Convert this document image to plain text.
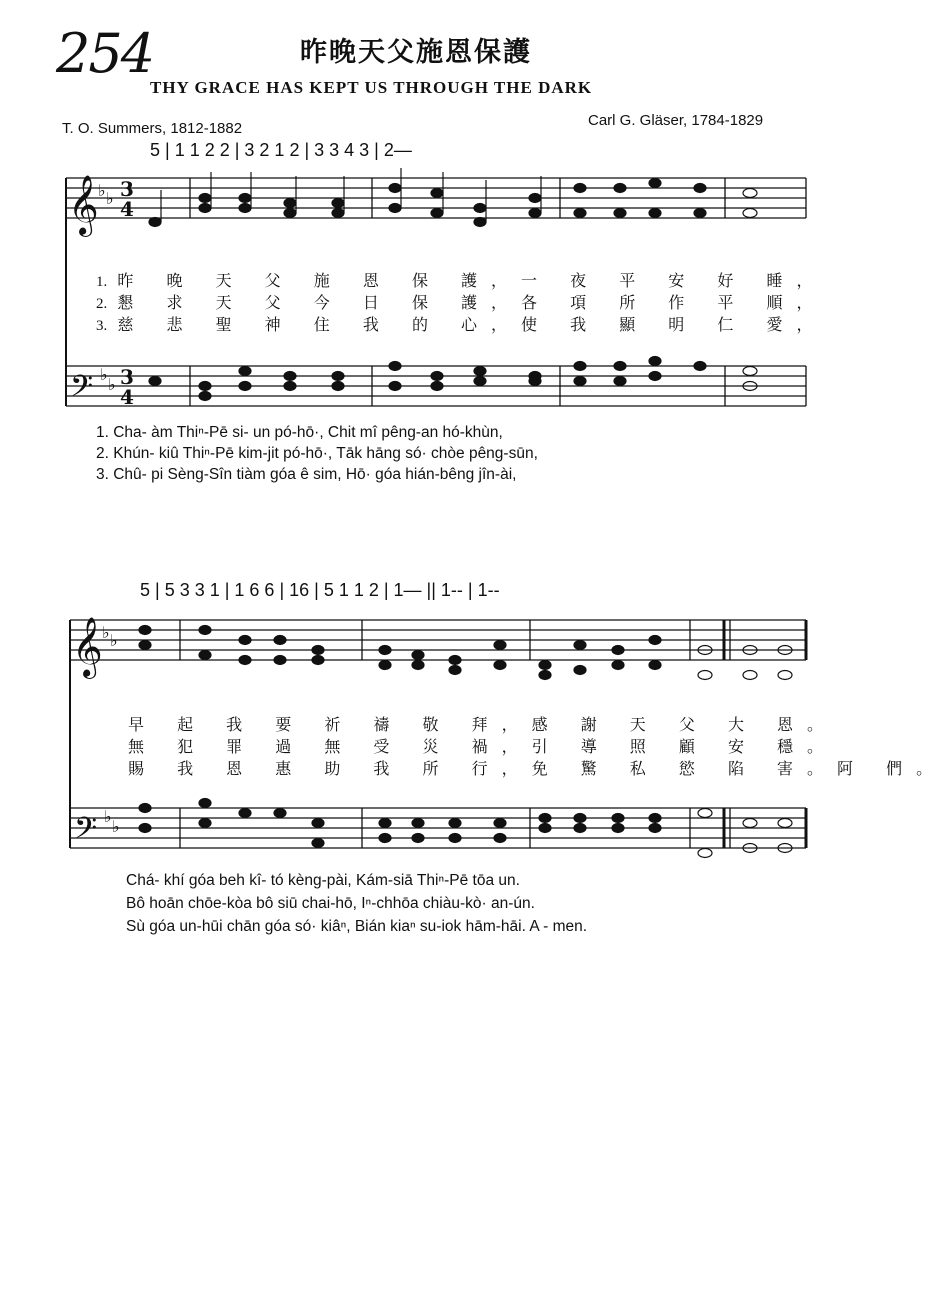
254	昨晚天父施恩保護
THY GRACE HAS KEPT US THROUGH THE DARK
T. O. Summers, 1812-1882	Carl G. Gläser, 1784-1829
5 | 1 1 2 2 | 3 2 1 2 | 3 3 4 3 | 2—
𝄞
𝄢
♭ ♭
♭
♭
3
4
3
4
𝄞
𝄢
♭ ♭
♭
♭
1. 昨 晚 天 父 施 恩 保 護，一 夜 平 安 好 睡，
2. 懇 求 天 父 今 日 保 護，各 項 所 作 平 順，
3. 慈 悲 聖 神 住 我 的 心，使 我 顯 明 仁 愛，
1. Cha- àm Thiⁿ-Pē si- un pó-hō·, Chit mî pêng-an hó-khùn,
2. Khún- kiû Thiⁿ-Pē kim-jit pó-hō·, Tāk hāng só· chòe pêng-sūn,
3. Chû- pi Sèng-Sîn tiàm góa ê sim, Hō· góa hián-bêng jîn-ài,
5 | 5 3 3 1 | 1 6 6 | 16 | 5 1 1 2 | 1— || 1-- | 1--
早 起 我 要 祈 禱 敬 拜，感 謝 天 父 大 恩。
無 犯 罪 過 無 受 災 禍，引 導 照 顧 安 穩。
賜 我 恩 惠 助 我 所 行，免 驚 私 慾 陷 害。阿 們。
Chá- khí góa beh kî- tó kèng-pài, Kám-siā Thiⁿ-Pē tōa un.
Bô hoān chōe-kòa bô siū chai-hō, Iⁿ-chhōa chiàu-kò· an-ún.
Sù góa un-hūi chān góa só· kiâⁿ, Bián kiaⁿ su-iok hām-hāi. A - men.
